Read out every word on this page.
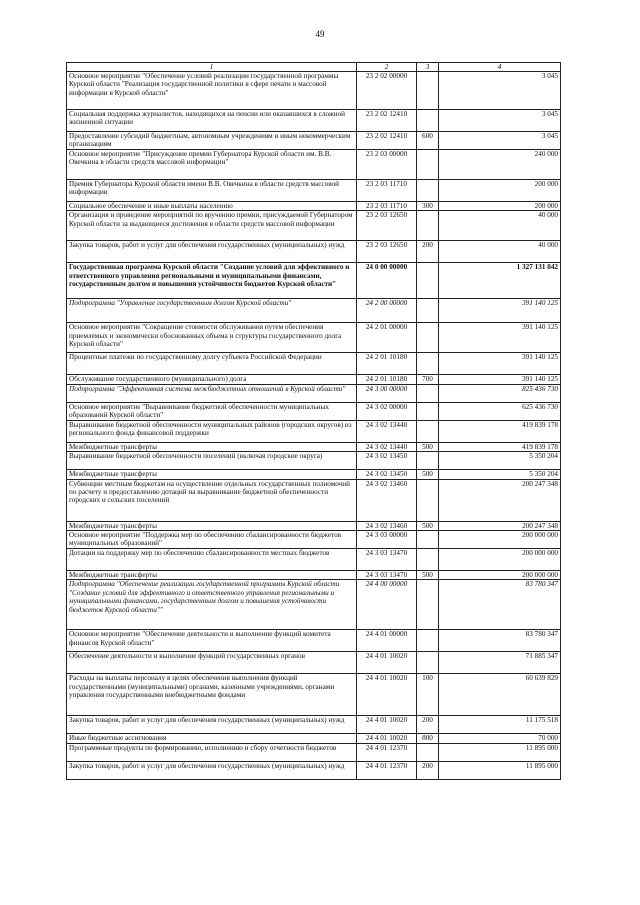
49
1	2	3	4
Основное мероприятие "Обеспечение условий реализации государственной программы Курской области "Реализация государственной политики в сфере печати и массовой информации в Курской области"	23 2 02 00000		3 045
Социальная поддержка журналистов, находящихся на пенсии или оказавшихся в сложной жизненной ситуации	23 2 02 12410		3 045
Предоставление субсидий бюджетным, автономным учреждениям и иным некоммерческим организациям	23 2 02 12410	600	3 045
Основное мероприятие "Присуждение премии Губернатора Курской области им. В.В. Овечкина в области средств массовой информации"	23 2 03 00000		240 000
Премия Губернатора Курской области имени В.В. Овечкина в области средств массовой информации	23 2 03 11710		200 000
Социальное обеспечение и иные выплаты населению	23 2 03 11710	300	200 000
Организация и проведение мероприятий по вручению премии, присуждаемой Губернатором Курской области за выдающиеся достижения в области средств массовой информации	23 2 03 12650		40 000
Закупка товаров, работ и услуг для обеспечения государственных (муниципальных) нужд	23 2 03 12650	200	40 000
Государственная программа Курской области "Создание условий для эффективного и ответственного управления региональными и муниципальными финансами, государственным долгом и повышения устойчивости бюджетов Курской области"	24 0 00 00000		1 327 131 042
Подпрограмма "Управление государственным долгом Курской области"	24 2 00 00000		391 140 125
Основное мероприятие "Сокращение стоимости обслуживания путем обеспечения приемлемых и экономически обоснованных объема и структуры государственного долга Курской области"	24 2 01 00000		391 140 125
Процентные платежи по государственному долгу субъекта Российской Федерации	24 2 01 10180		391 140 125
Обслуживание государственного (муниципального) долга	24 2 01 10180	700	391 140 125
Подпрограмма "Эффективная система межбюджетных отношений в Курской области"	24 3 00 00000		825 436 730
Основное мероприятие "Выравнивание бюджетной обеспеченности муниципальных образований Курской области"	24 3 02 00000		625 436 730
Выравнивание бюджетной обеспеченности муниципальных районов (городских округов) из регионального фонда финансовой поддержки	24 3 02 13440		419 839 178
Межбюджетные трансферты	24 3 02 13440	500	419 839 178
Выравнивание бюджетной обеспеченности поселений (включая городские округа)	24 3 02 13450		5 350 204
Межбюджетные трансферты	24 3 02 13450	500	5 350 204
Субвенции местным бюджетам на осуществление отдельных государственных полномочий по расчету и предоставлению дотаций на выравнивание бюджетной обеспеченности городских и сельских поселений	24 3 02 13460		200 247 348
Межбюджетные трансферты	24 3 02 13460	500	200 247 348
Основное мероприятие "Поддержка мер по обеспечению сбалансированности бюджетов муниципальных образований"	24 3 03 00000		200 000 000
Дотации на поддержку мер по обеспечению сбалансированности местных бюджетов	24 3 03 13470		200 000 000
Межбюджетные трансферты	24 3 03 13470	500	200 000 000
Подпрограмма "Обеспечение реализации государственной программы Курской области "Создание условий для эффективного и ответственного управления региональными и муниципальными финансами, государственным долгом и повышения устойчивости бюджетов Курской области""	24 4 00 00000		83 780 347
Основное мероприятие "Обеспечение деятельности и выполнение функций комитета финансов Курской области"	24 4 01 00000		83 780 347
Обеспечение деятельности и выполнение функций государственных органов	24 4 01 10020		71 885 347
Расходы на выплаты персоналу в целях обеспечения выполнения функций государственными (муниципальными) органами, казенными учреждениями, органами управления государственными внебюджетными фондами	24 4 01 10020	100	60 639 829
Закупка товаров, работ и услуг для обеспечения государственных (муниципальных) нужд	24 4 01 10020	200	11 175 518
Иные бюджетные ассигнования	24 4 01 10020	800	70 000
Программные продукты по формированию, исполнению и сбору отчетности бюджетов	24 4 01 12370		11 895 000
Закупка товаров, работ и услуг для обеспечения государственных (муниципальных) нужд	24 4 01 12370	200	11 895 000
